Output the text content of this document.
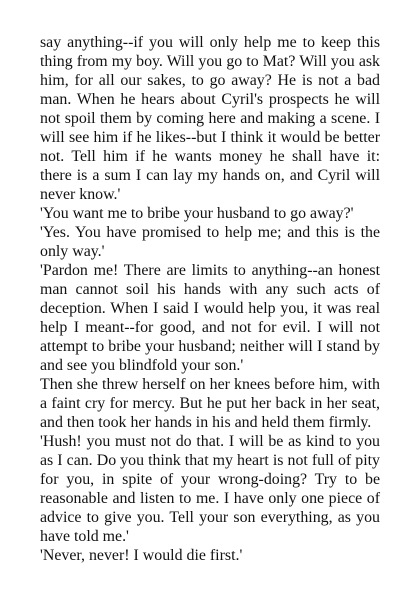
say anything--if you will only help me to keep this thing from my boy. Will you go to Mat? Will you ask him, for all our sakes, to go away? He is not a bad man. When he hears about Cyril's prospects he will not spoil them by coming here and making a scene. I will see him if he likes--but I think it would be better not. Tell him if he wants money he shall have it: there is a sum I can lay my hands on, and Cyril will never know.'

'You want me to bribe your husband to go away?'

'Yes. You have promised to help me; and this is the only way.'

'Pardon me! There are limits to anything--an honest man cannot soil his hands with any such acts of deception. When I said I would help you, it was real help I meant--for good, and not for evil. I will not attempt to bribe your husband; neither will I stand by and see you blindfold your son.'

Then she threw herself on her knees before him, with a faint cry for mercy. But he put her back in her seat, and then took her hands in his and held them firmly.

'Hush! you must not do that. I will be as kind to you as I can. Do you think that my heart is not full of pity for you, in spite of your wrong-doing? Try to be reasonable and listen to me. I have only one piece of advice to give you. Tell your son everything, as you have told me.'

'Never, never! I would die first.'
